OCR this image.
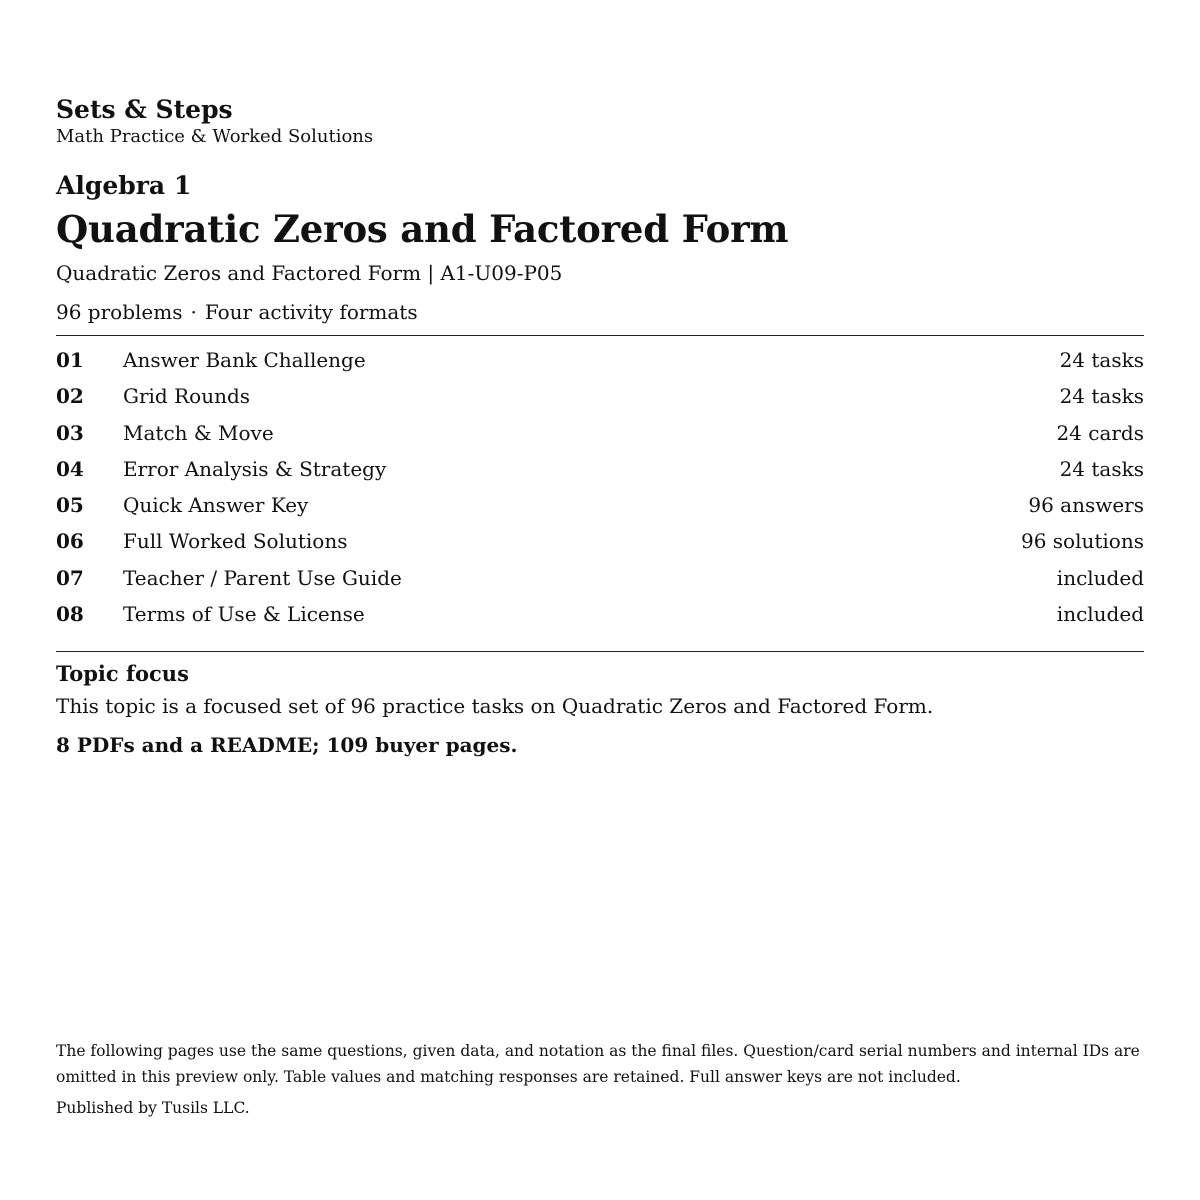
Sets & Steps
Math Practice & Worked Solutions
Algebra 1
Quadratic Zeros and Factored Form
Quadratic Zeros and Factored Form | A1-U09-P05
96 problems · Four activity formats
01 Answer Bank Challenge	24 tasks
02 Grid Rounds	24 tasks
03 Match & Move	24 cards
04 Error Analysis & Strategy	24 tasks
05 Quick Answer Key	96 answers
06 Full Worked Solutions	96 solutions
07 Teacher / Parent Use Guide	included
08 Terms of Use & License	included
Topic focus
This topic is a focused set of 96 practice tasks on Quadratic Zeros and Factored Form.
8 PDFs and a README; 109 buyer pages.
The following pages use the same questions, given data, and notation as the final files. Question/card serial numbers and internal IDs are omitted in this preview only. Table values and matching responses are retained. Full answer keys are not included.
Published by Tusils LLC.
